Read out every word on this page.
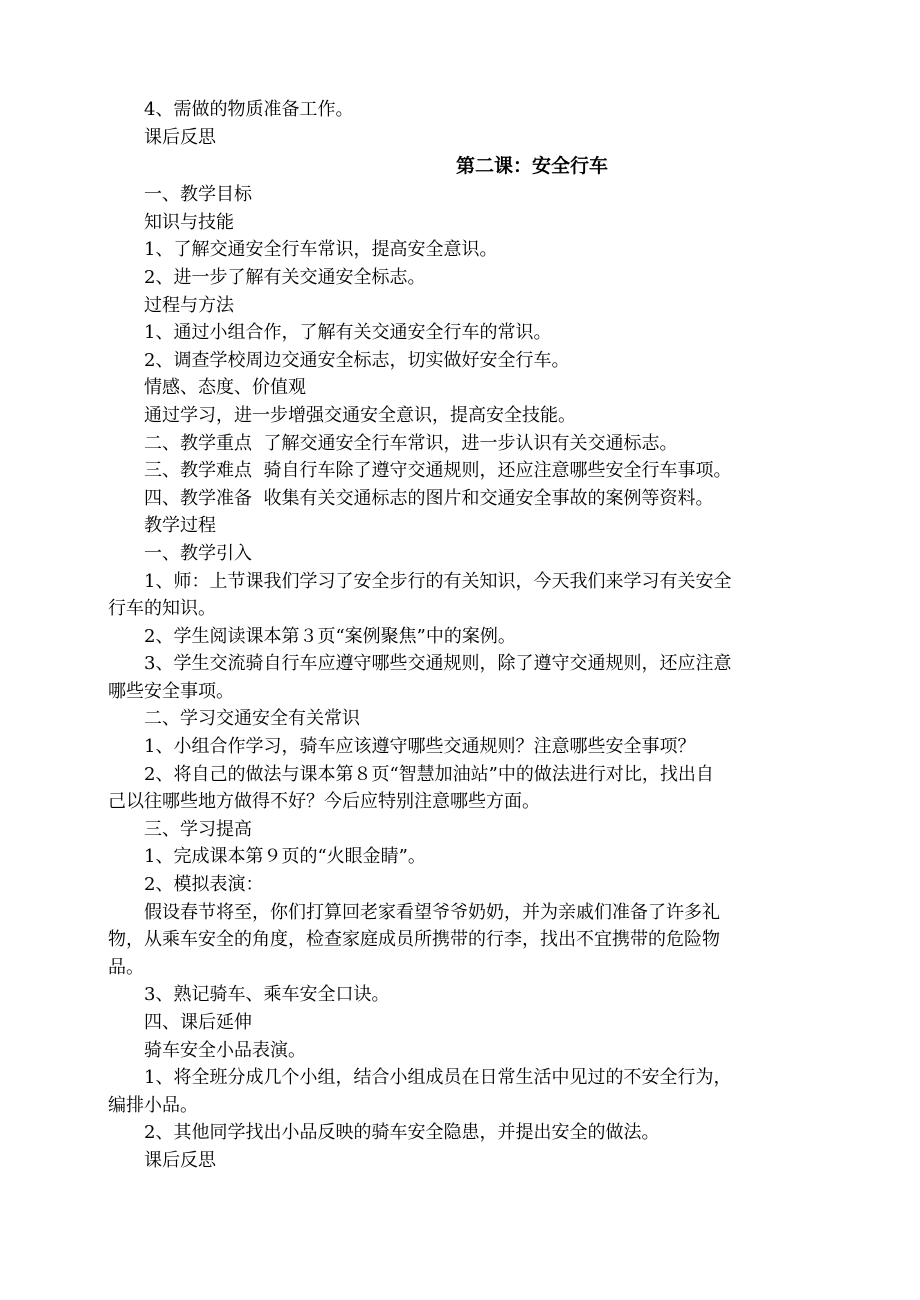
4、需做的物质准备工作。

课后反思

第二课：安全行车

一、教学目标

知识与技能

1、了解交通安全行车常识，提高安全意识。

2、进一步了解有关交通安全标志。

过程与方法

1、通过小组合作，了解有关交通安全行车的常识。

2、调查学校周边交通安全标志，切实做好安全行车。

情感、态度、价值观

通过学习，进一步增强交通安全意识，提高安全技能。

二、教学重点  了解交通安全行车常识，进一步认识有关交通标志。

三、教学难点  骑自行车除了遵守交通规则，还应注意哪些安全行车事项。

四、教学准备  收集有关交通标志的图片和交通安全事故的案例等资料。

教学过程

一、教学引入

1、师：上节课我们学习了安全步行的有关知识，今天我们来学习有关安全

行车的知识。

2、学生阅读课本第３页“案例聚焦”中的案例。

3、学生交流骑自行车应遵守哪些交通规则，除了遵守交通规则，还应注意

哪些安全事项。

二、学习交通安全有关常识

1、小组合作学习，骑车应该遵守哪些交通规则？注意哪些安全事项？

2、将自己的做法与课本第８页“智慧加油站”中的做法进行对比，找出自

己以往哪些地方做得不好？今后应特别注意哪些方面。

三、学习提高

1、完成课本第９页的“火眼金睛”。

2、模拟表演：

假设春节将至，你们打算回老家看望爷爷奶奶，并为亲戚们准备了许多礼

物，从乘车安全的角度，检查家庭成员所携带的行李，找出不宜携带的危险物

品。

3、熟记骑车、乘车安全口诀。

四、课后延伸

骑车安全小品表演。

1、将全班分成几个小组，结合小组成员在日常生活中见过的不安全行为，

编排小品。

2、其他同学找出小品反映的骑车安全隐患，并提出安全的做法。

课后反思
